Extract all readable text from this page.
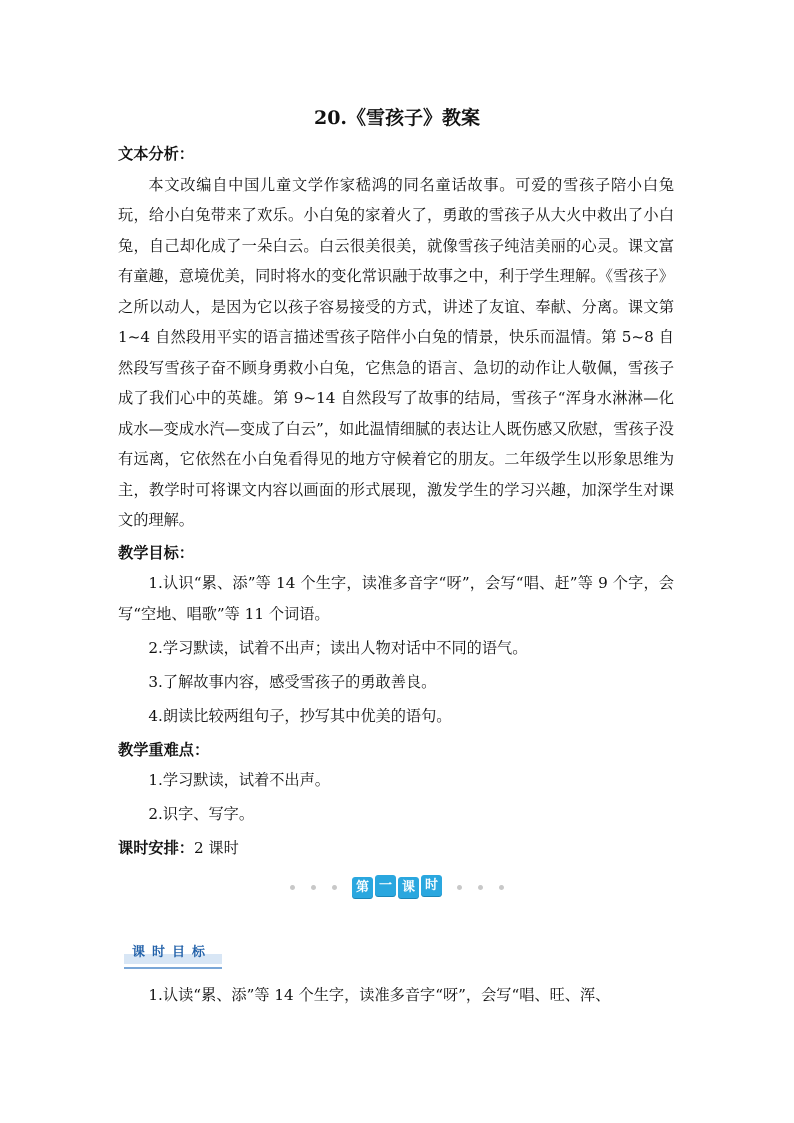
20.《雪孩子》教案

文本分析：

本文改编自中国儿童文学作家嵇鸿的同名童话故事。可爱的雪孩子陪小白兔玩，给小白兔带来了欢乐。小白兔的家着火了，勇敢的雪孩子从大火中救出了小白兔，自己却化成了一朵白云。白云很美很美，就像雪孩子纯洁美丽的心灵。课文富有童趣，意境优美，同时将水的变化常识融于故事之中，利于学生理解。《雪孩子》之所以动人，是因为它以孩子容易接受的方式，讲述了友谊、奉献、分离。课文第 1~4 自然段用平实的语言描述雪孩子陪伴小白兔的情景，快乐而温情。第 5~8 自然段写雪孩子奋不顾身勇救小白兔，它焦急的语言、急切的动作让人敬佩，雪孩子成了我们心中的英雄。第 9~14 自然段写了故事的结局，雪孩子“浑身水淋淋—化成水—变成水汽—变成了白云”，如此温情细腻的表达让人既伤感又欣慰，雪孩子没有远离，它依然在小白兔看得见的地方守候着它的朋友。二年级学生以形象思维为主，教学时可将课文内容以画面的形式展现，激发学生的学习兴趣，加深学生对课文的理解。

教学目标：

1.认识“累、添”等 14 个生字，读准多音字“呀”，会写“唱、赶”等 9 个字，会写“空地、唱歌”等 11 个词语。

2.学习默读，试着不出声；读出人物对话中不同的语气。

3.了解故事内容，感受雪孩子的勇敢善良。

4.朗读比较两组句子，抄写其中优美的语句。

教学重难点：

1.学习默读，试着不出声。

2.识字、写字。

课时安排：2 课时

第 一 课 时
课时目标
1.认读“累、添”等 14 个生字，读准多音字“呀”，会写“唱、旺、浑、
